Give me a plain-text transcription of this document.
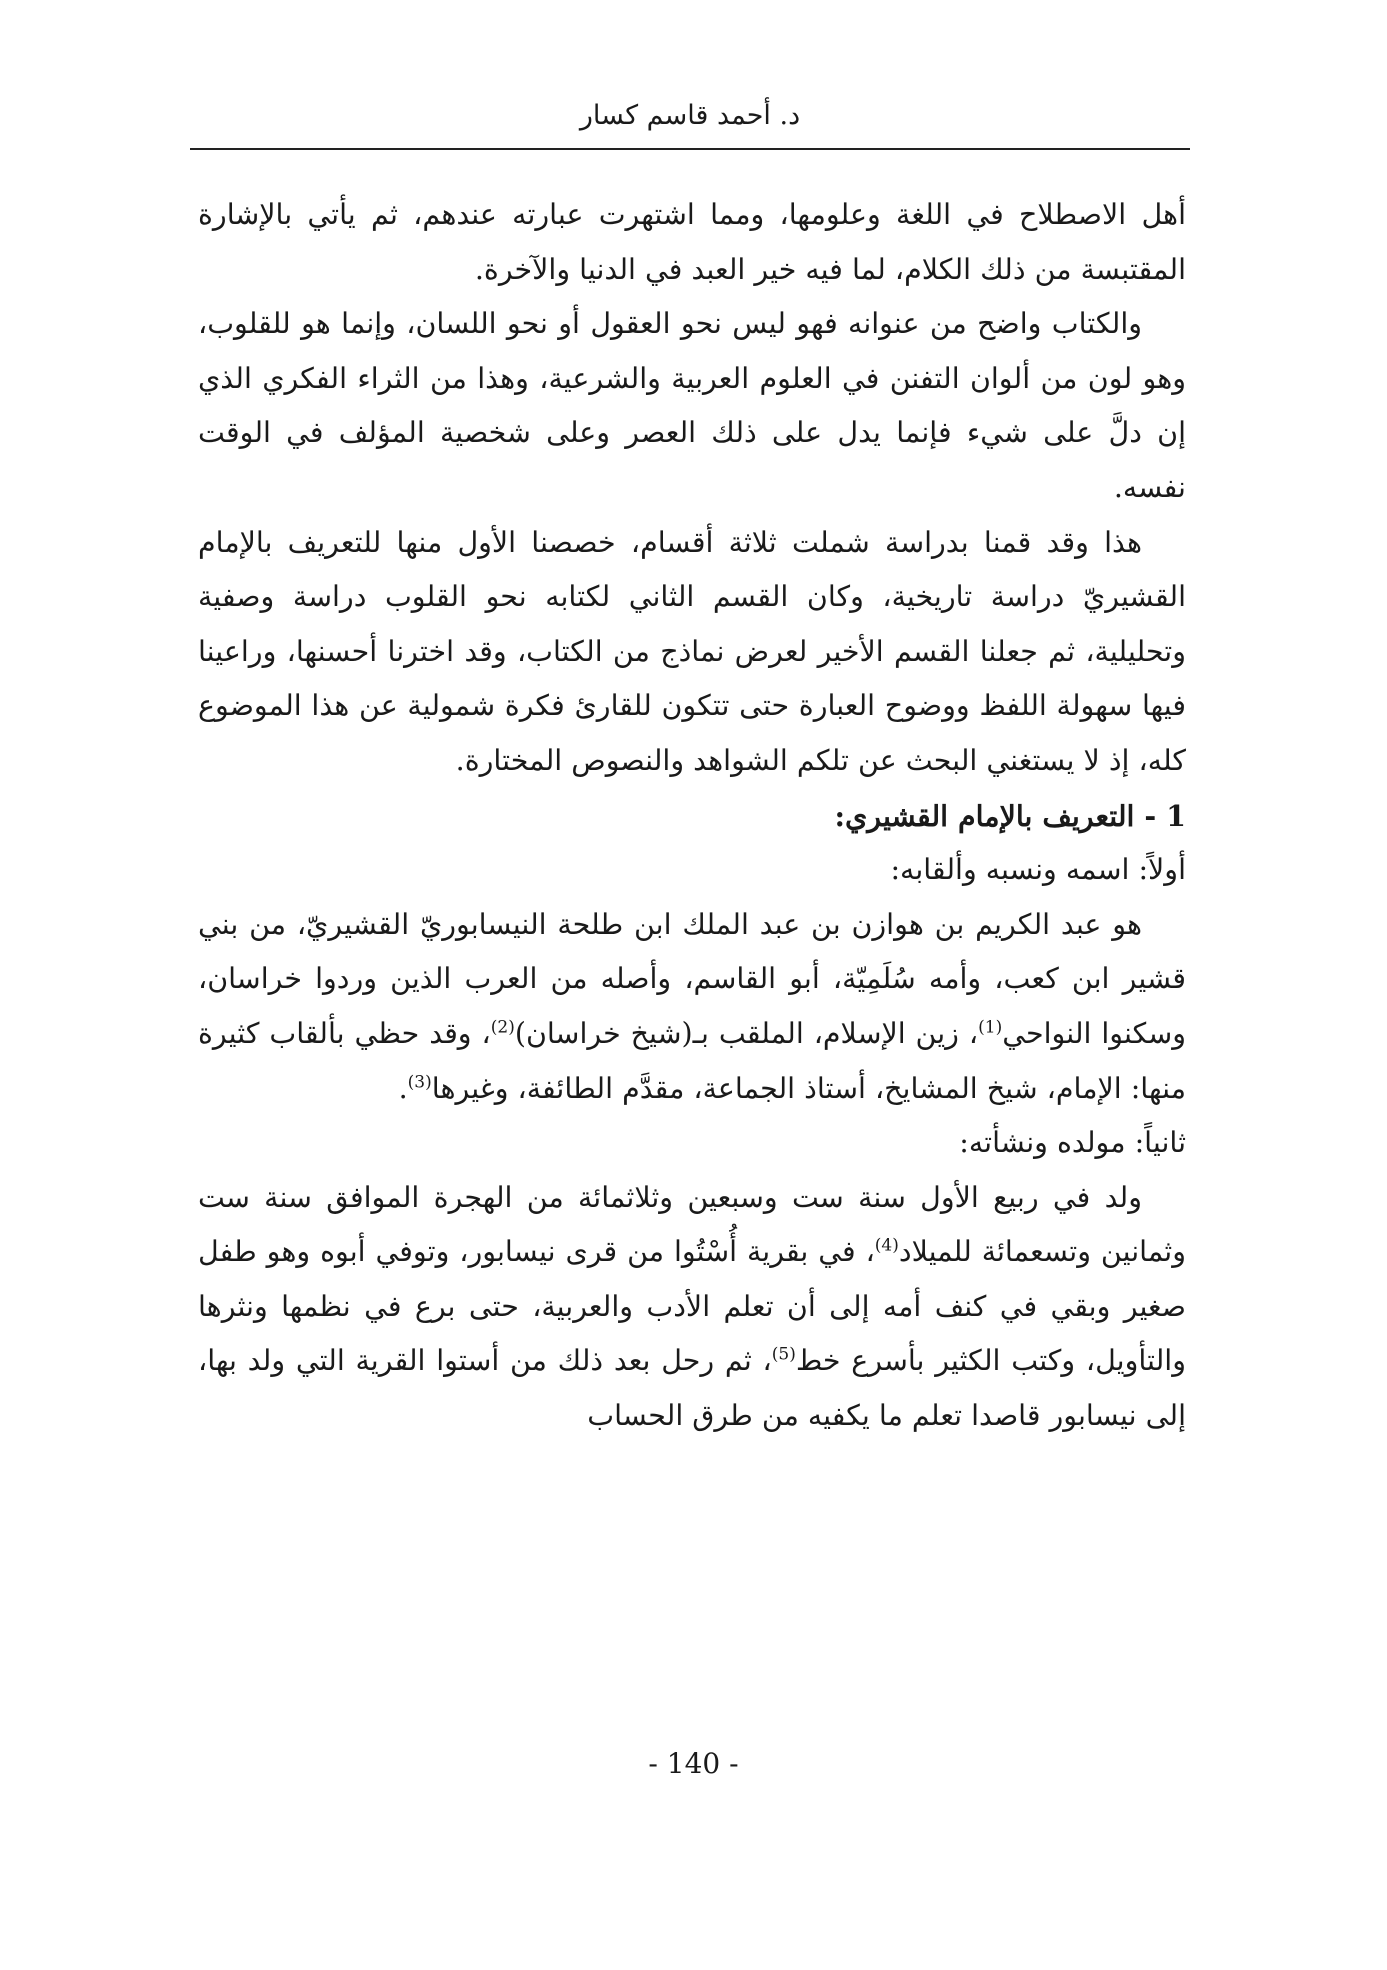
د. أحمد قاسم كسار

أهل الاصطلاح في اللغة وعلومها، ومما اشتهرت عبارته عندهم، ثم يأتي بالإشارة المقتبسة من ذلك الكلام، لما فيه خير العبد في الدنيا والآخرة.

والكتاب واضح من عنوانه فهو ليس نحو العقول أو نحو اللسان، وإنما هو للقلوب، وهو لون من ألوان التفنن في العلوم العربية والشرعية، وهذا من الثراء الفكري الذي إن دلَّ على شيء فإنما يدل على ذلك العصر وعلى شخصية المؤلف في الوقت نفسه.

هذا وقد قمنا بدراسة شملت ثلاثة أقسام، خصصنا الأول منها للتعريف بالإمام القشيريّ دراسة تاريخية، وكان القسم الثاني لكتابه نحو القلوب دراسة وصفية وتحليلية، ثم جعلنا القسم الأخير لعرض نماذج من الكتاب، وقد اخترنا أحسنها، وراعينا فيها سهولة اللفظ ووضوح العبارة حتى تتكون للقارئ فكرة شمولية عن هذا الموضوع كله، إذ لا يستغني البحث عن تلكم الشواهد والنصوص المختارة.

1 - التعريف بالإمام القشيري:

أولاً: اسمه ونسبه وألقابه:

هو عبد الكريم بن هوازن بن عبد الملك ابن طلحة النيسابوريّ القشيريّ، من بني قشير ابن كعب، وأمه سُلَمِيّة، أبو القاسم، وأصله من العرب الذين وردوا خراسان، وسكنوا النواحي$^{(1)}$، زين الإسلام، الملقب بـ(شيخ خراسان)$^{(2)}$، وقد حظي بألقاب كثيرة منها: الإمام، شيخ المشايخ، أستاذ الجماعة، مقدَّم الطائفة، وغيرها$^{(3)}$.

ثانياً: مولده ونشأته:

ولد في ربيع الأول سنة ست وسبعين وثلاثمائة من الهجرة الموافق سنة ست وثمانين وتسعمائة للميلاد$^{(4)}$، في بقرية أُسْتُوا من قرى نيسابور، وتوفي أبوه وهو طفل صغير وبقي في كنف أمه إلى أن تعلم الأدب والعربية، حتى برع في نظمها ونثرها والتأويل، وكتب الكثير بأسرع خط$^{(5)}$، ثم رحل بعد ذلك من أستوا القرية التي ولد بها، إلى نيسابور قاصدا تعلم ما يكفيه من طرق الحساب

- 140 -
